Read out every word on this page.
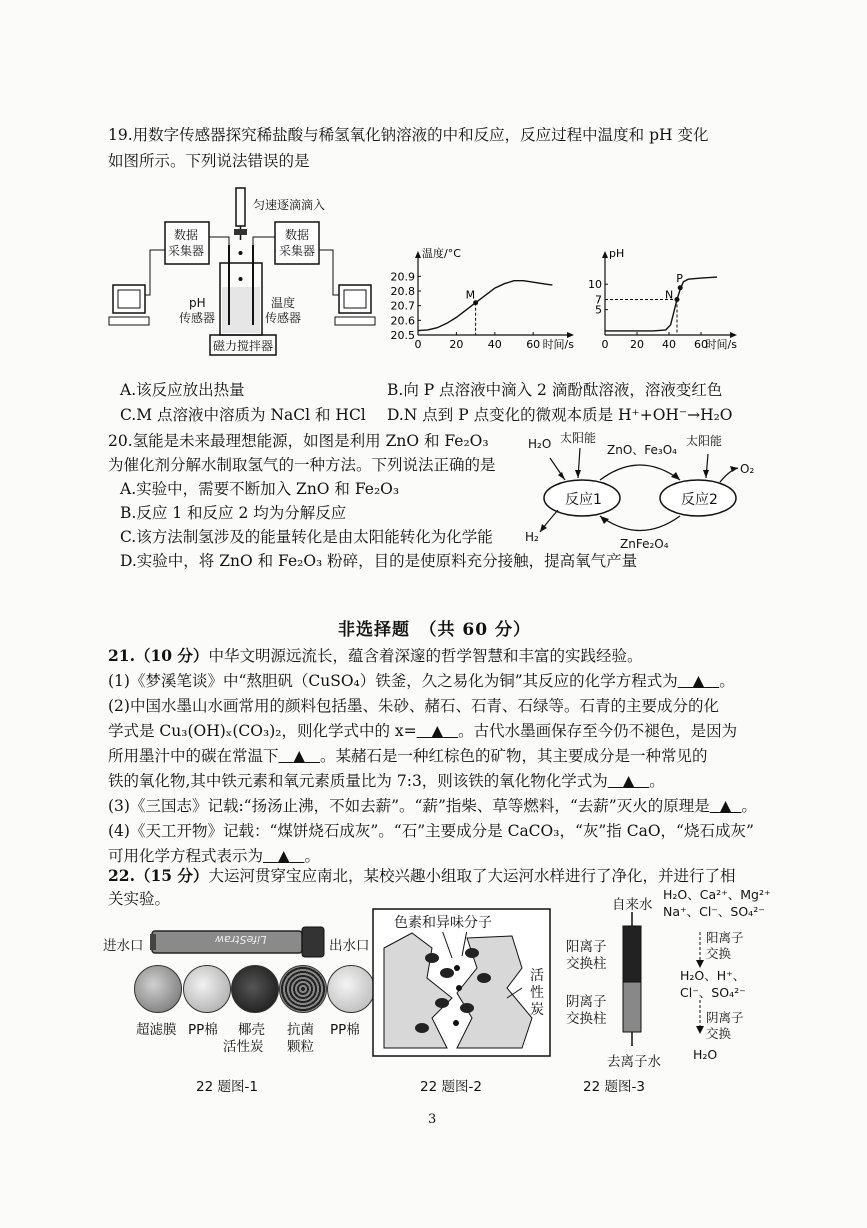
19.用数字传感器探究稀盐酸与稀氢氧化钠溶液的中和反应，反应过程中温度和 pH 变化
如图所示。下列说法错误的是
匀速逐滴滴入
数据
采集器
数据
采集器
pH
传感器
温度
传感器
磁力搅拌器	0	20 40 60
20.5
20.6
20.7
20.8
20.9
温度/°C
时间/s
M
0 20 40 60
5
7
10
pH
时间/s
N
P
A.该反应放出热量	B.向 P 点溶液中滴入 2 滴酚酞溶液，溶液变红色
C.M 点溶液中溶质为 NaCl 和 HCl D.N 点到 P 点变化的微观本质是 H⁺+OH⁻→H₂O
20.氢能是未来最理想能源，如图是利用 ZnO 和 Fe₂O₃
为催化剂分解水制取氢气的一种方法。下列说法正确的是
A.实验中，需要不断加入 ZnO 和 Fe₂O₃
B.反应 1 和反应 2 均为分解反应
C.该方法制氢涉及的能量转化是由太阳能转化为化学能
D.实验中，将 ZnO 和 Fe₂O₃ 粉碎，目的是使原料充分接触，提高氧气产量
H₂O 太阳能
ZnO、Fe₃O₄
太阳能
O₂
H₂	ZnFe₂O₄
反应1	反应2
非选择题　（共 60 分）
21.（10 分）中华文明源远流长，蕴含着深邃的哲学智慧和丰富的实践经验。
(1)《梦溪笔谈》中“熬胆矾（CuSO₄）铁釜，久之易化为铜”其反应的化学方程式为 ▲ 。
(2)中国水墨山水画常用的颜料包括墨、朱砂、赭石、石青、石绿等。石青的主要成分的化
学式是 Cu₃(OH)ₓ(CO₃)₂，则化学式中的 x= ▲ 。古代水墨画保存至今仍不褪色，是因为
所用墨汁中的碳在常温下 ▲ 。某赭石是一种红棕色的矿物，其主要成分是一种常见的
铁的氧化物,其中铁元素和氧元素质量比为 7:3，则该铁的氧化物化学式为 ▲ 。
(3)《三国志》记载:“扬汤止沸，不如去薪”。“薪”指柴、草等燃料，“去薪”灭火的原理是 ▲ 。
(4)《天工开物》记载：“煤饼烧石成灰”。“石”主要成分是 CaCO₃，“灰”指 CaO，“烧石成灰”
可用化学方程式表示为 ▲ 。
22.（15 分）大运河贯穿宝应南北，某校兴趣小组取了大运河水样进行了净化，并进行了相
关实验。
LifeStraw
进水口	出水口
超滤膜 PP棉 椰壳
活性炭
抗菌
颗粒
PP棉
22 题图-1
色素和异味分子
活
性
炭
22 题图-2
自来水
阳离子
交换柱
阴离子
交换柱
去离子水
H₂O、Ca²⁺、Mg²⁺
Na⁺、Cl⁻、SO₄²⁻
阳离子
交换
H₂O、H⁺、
Cl⁻、SO₄²⁻
阴离子
交换
H₂O
22 题图-3
3
